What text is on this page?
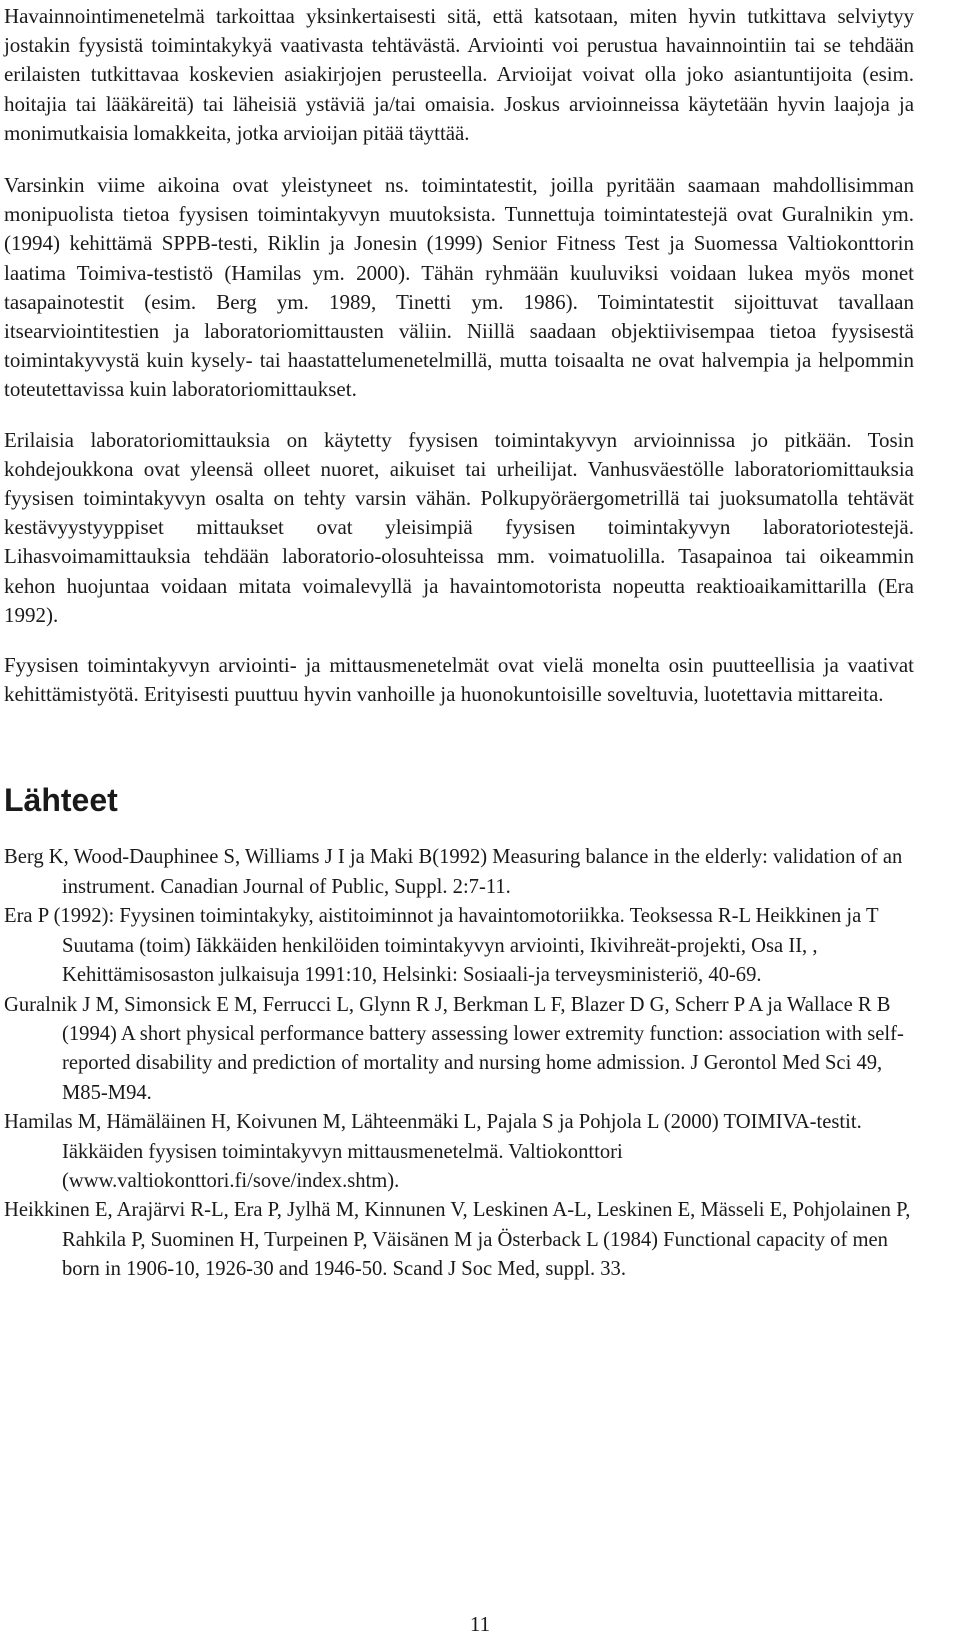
Havainnointimenetelmä tarkoittaa yksinkertaisesti sitä, että katsotaan, miten hyvin tutkittava selviytyy jostakin fyysistä toimintakykyä vaativasta tehtävästä. Arviointi voi perustua havainnointiin tai se tehdään erilaisten tutkittavaa koskevien asiakirjojen perusteella. Arvioijat voivat olla joko asiantuntijoita (esim. hoitajia tai lääkäreitä) tai läheisiä ystäviä ja/tai omaisia. Joskus arvioinneissa käytetään hyvin laajoja ja monimutkaisia lomakkeita, jotka arvioijan pitää täyttää.

Varsinkin viime aikoina ovat yleistyneet ns. toimintatestit, joilla pyritään saamaan mahdollisimman monipuolista tietoa fyysisen toimintakyvyn muutoksista. Tunnettuja toimintatestejä ovat Guralnikin ym. (1994) kehittämä SPPB-testi, Riklin ja Jonesin (1999) Senior Fitness Test ja Suomessa Valtiokonttorin laatima Toimiva-testistö (Hamilas ym. 2000). Tähän ryhmään kuuluviksi voidaan lukea myös monet tasapainotestit (esim. Berg ym. 1989, Tinetti ym. 1986). Toimintatestit sijoittuvat tavallaan itsearviointitestien ja laboratoriomittausten väliin. Niillä saadaan objektiivisempaa tietoa fyysisestä toimintakyvystä kuin kysely- tai haastattelumenetelmillä, mutta toisaalta ne ovat halvempia ja helpommin toteutettavissa kuin laboratoriomittaukset.

Erilaisia laboratoriomittauksia on käytetty fyysisen toimintakyvyn arvioinnissa jo pitkään. Tosin kohdejoukkona ovat yleensä olleet nuoret, aikuiset tai urheilijat. Vanhusväestölle laboratoriomittauksia fyysisen toimintakyvyn osalta on tehty varsin vähän. Polkupyöräergometrillä tai juoksumatolla tehtävät kestävyystyyppiset mittaukset ovat yleisimpiä fyysisen toimintakyvyn laboratoriotestejä. Lihasvoimamittauksia tehdään laboratorio-olosuhteissa mm. voimatuolilla. Tasapainoa tai oikeammin kehon huojuntaa voidaan mitata voimalevyllä ja havaintomotorista nopeutta reaktioaikamittarilla (Era 1992).

Fyysisen toimintakyvyn arviointi- ja mittausmenetelmät ovat vielä monelta osin puutteellisia ja vaativat kehittämistyötä. Erityisesti puuttuu hyvin vanhoille ja huonokuntoisille soveltuvia, luotettavia mittareita.

Lähteet
Berg K, Wood-Dauphinee S, Williams J I ja Maki B(1992) Measuring balance in the elderly: validation of an instrument. Canadian Journal of Public, Suppl. 2:7-11.
Era P (1992): Fyysinen toimintakyky, aistitoiminnot ja havaintomotoriikka. Teoksessa R-L Heikkinen ja T Suutama (toim) Iäkkäiden henkilöiden toimintakyvyn arviointi, Ikivihreät-projekti, Osa II, , Kehittämisosaston julkaisuja 1991:10, Helsinki: Sosiaali-ja terveysministeriö, 40-69.
Guralnik J M, Simonsick E M, Ferrucci L, Glynn R J, Berkman L F, Blazer D G, Scherr P A ja Wallace R B (1994) A short physical performance battery assessing lower extremity function: association with self-reported disability and prediction of mortality and nursing home admission. J Gerontol Med Sci 49, M85-M94.
Hamilas M, Hämäläinen H, Koivunen M, Lähteenmäki L, Pajala S ja Pohjola L (2000) TOIMIVA-testit. Iäkkäiden fyysisen toimintakyvyn mittausmenetelmä. Valtiokonttori (www.valtiokonttori.fi/sove/index.shtm).
Heikkinen E, Arajärvi R-L, Era P, Jylhä M, Kinnunen V, Leskinen A-L, Leskinen E, Mässeli E, Pohjolainen P, Rahkila P, Suominen H, Turpeinen P, Väisänen M ja Österback L (1984) Functional capacity of men born in 1906-10, 1926-30 and 1946-50. Scand J Soc Med, suppl. 33.
11
